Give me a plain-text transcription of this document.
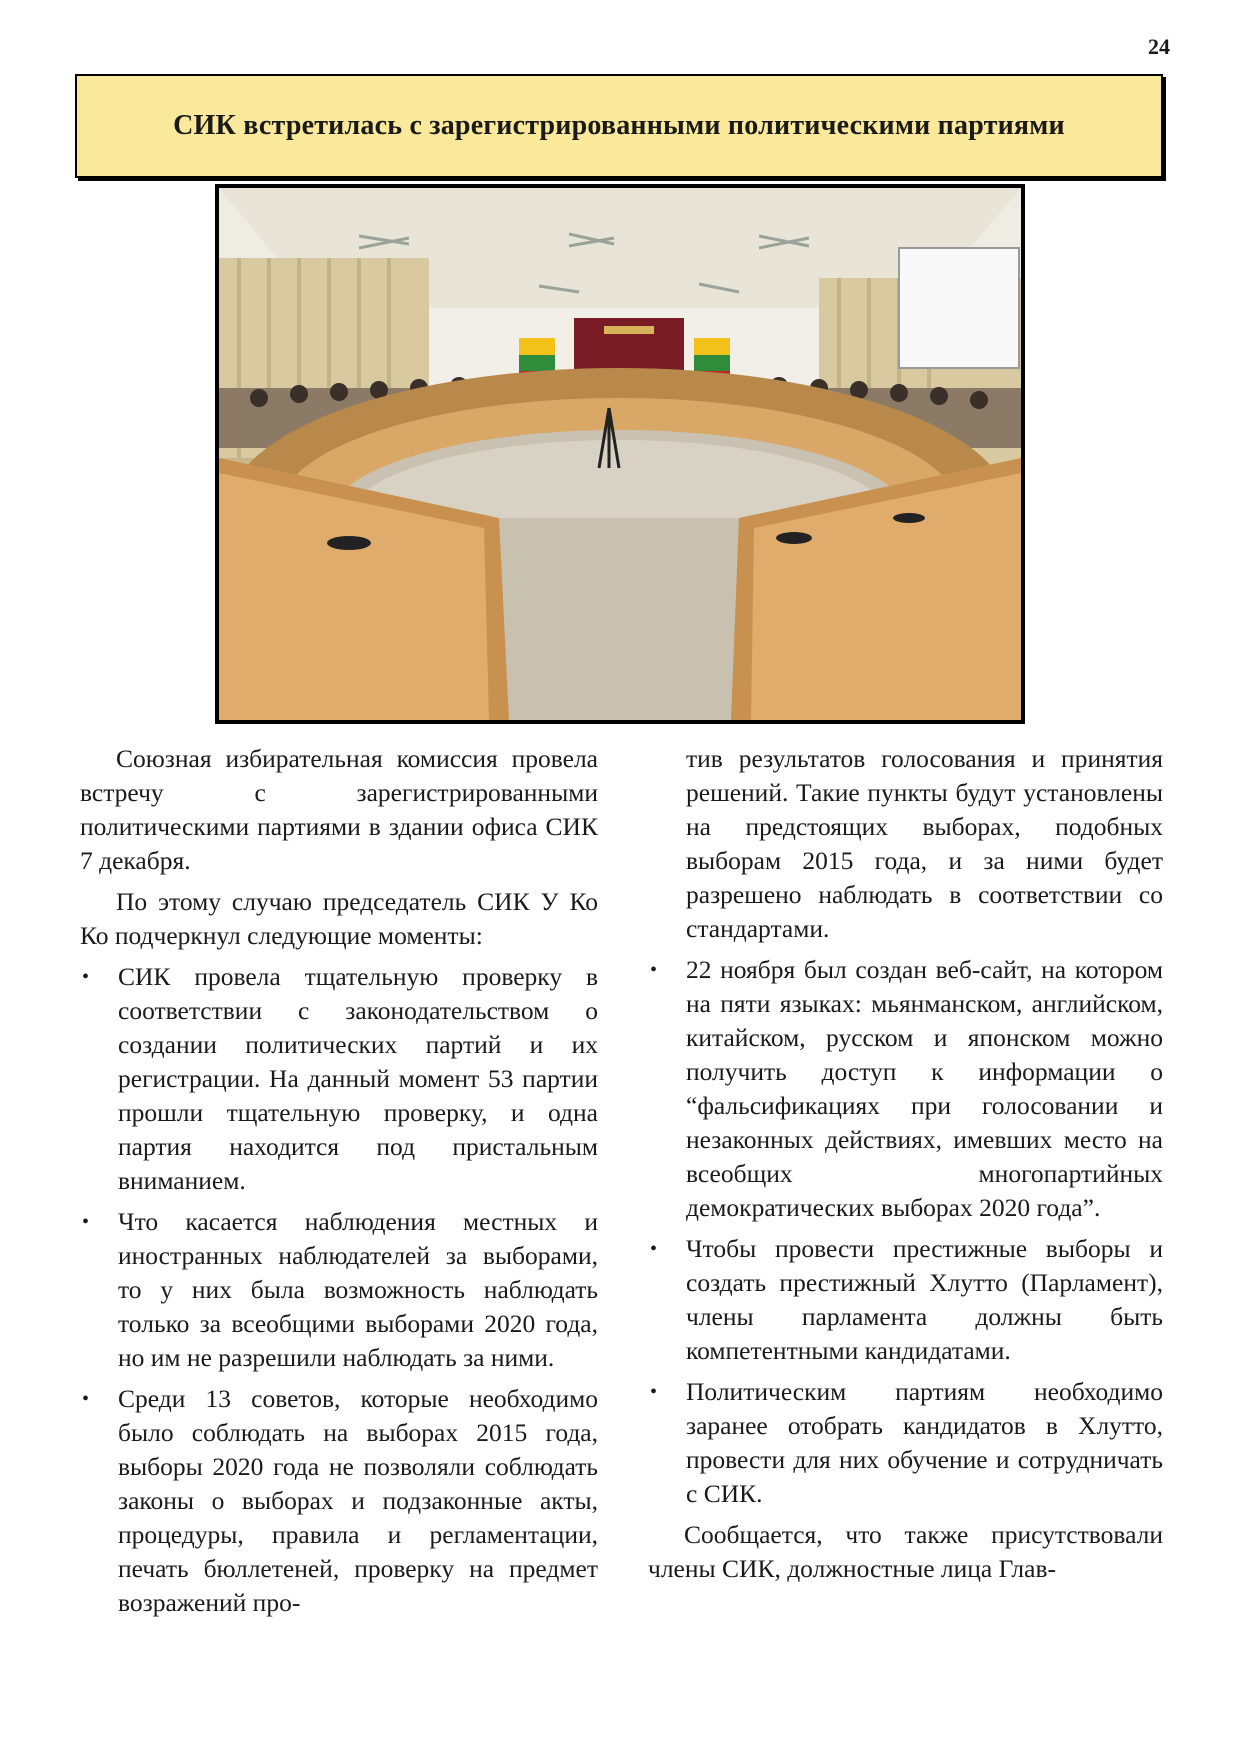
24
СИК встретилась с зарегистрированными политическими партиями

Союзная избирательная комиссия провела встречу с зарегистрированными политическими партиями в здании офиса СИК 7 декабря.

По этому случаю председатель СИК У Ко Ко подчеркнул следующие моменты:

• СИК провела тщательную проверку в соответствии с законодательством о создании политических партий и их регистрации. На данный момент 53 партии прошли тщательную проверку, и одна партия находится под пристальным вниманием.
• Что касается наблюдения местных и иностранных наблюдателей за выборами, то у них была возможность наблюдать только за всеобщими выборами 2020 года, но им не разрешили наблюдать за ними.
• Среди 13 советов, которые необходимо было соблюдать на выборах 2015 года, выборы 2020 года не позволяли соблюдать законы о выборах и подзаконные акты, процедуры, правила и регламентации, печать бюллетеней, проверку на предмет возражений про-
тив результатов голосования и принятия решений. Такие пункты будут установлены на предстоящих выборах, подобных выборам 2015 года, и за ними будет разрешено наблюдать в соответствии со стандартами.
• 22 ноября был создан веб-сайт, на котором на пяти языках: мьянманском, английском, китайском, русском и японском можно получить доступ к информации о “фальсификациях при голосовании и незаконных действиях, имевших место на всеобщих многопартийных демократических выборах 2020 года”.
• Чтобы провести престижные выборы и создать престижный Хлутто (Парламент), члены парламента должны быть компетентными кандидатами.
• Политическим партиям необходимо заранее отобрать кандидатов в Хлутто, провести для них обучение и сотрудничать с СИК.

Сообщается, что также присутствовали члены СИК, должностные лица Глав-
